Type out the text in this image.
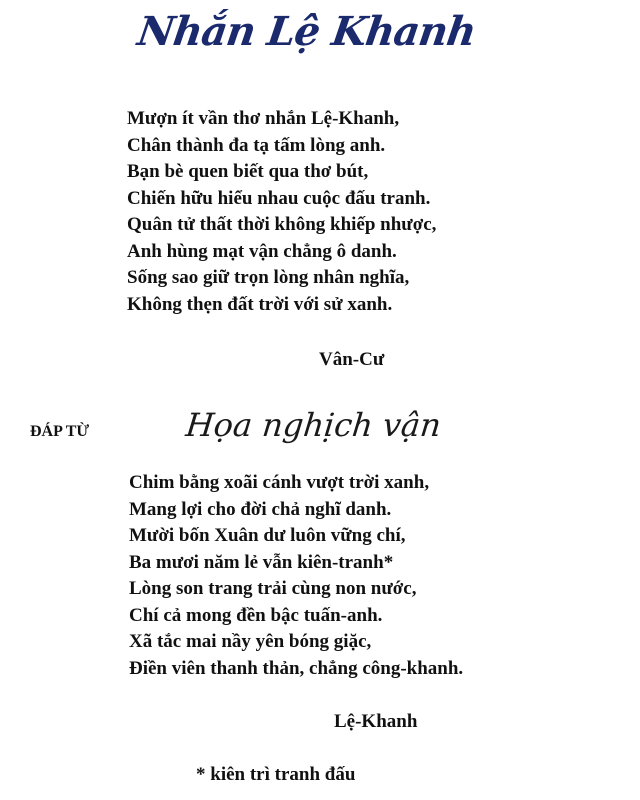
Nhắn Lệ Khanh
Mượn ít vần thơ nhắn Lệ-Khanh,
Chân thành đa tạ tấm lòng anh.
Bạn bè quen biết qua thơ bút,
Chiến hữu hiểu nhau cuộc đấu tranh.
Quân tử thất thời không khiếp nhược,
Anh hùng mạt vận chẳng ô danh.
Sống sao giữ trọn lòng nhân nghĩa,
Không thẹn đất trời với sử xanh.
Vân-Cư
ĐÁP TỪ	Họa nghịch vận
Chim bằng xoãi cánh vượt trời xanh,
Mang lợi cho đời chả nghĩ danh.
Mười bốn Xuân dư luôn vững chí,
Ba mươi năm lẻ vẫn kiên-tranh*
Lòng son trang trải cùng non nước,
Chí cả mong đền bậc tuấn-anh.
Xã tắc mai nầy yên bóng giặc,
Điền viên thanh thản, chẳng công-khanh.
Lệ-Khanh
* kiên trì tranh đấu
